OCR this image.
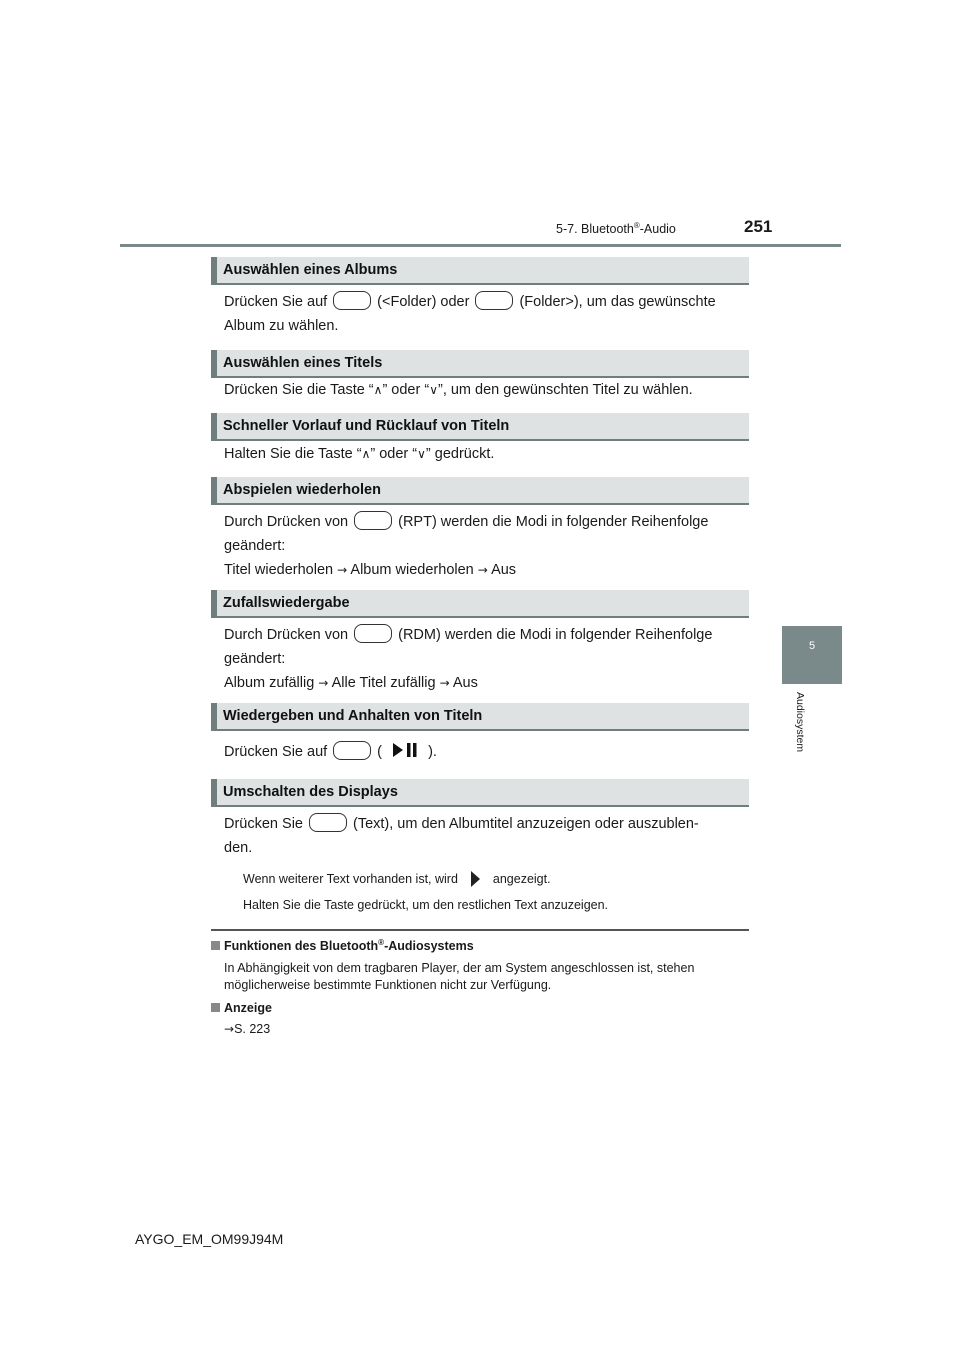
5-7. Bluetooth®-Audio	251
5
Audiosystem
Auswählen eines Albums
Drücken Sie auf	(<Folder) oder	(Folder>), um das gewünschte
Album zu wählen.
Auswählen eines Titels
Drücken Sie die Taste “∧” oder “∨”, um den gewünschten Titel zu wählen.
Schneller Vorlauf und Rücklauf von Titeln
Halten Sie die Taste “∧” oder “∨” gedrückt.
Abspielen wiederholen
Durch Drücken von	(RPT) werden die Modi in folgender Reihenfolge
geändert:
Titel wiederholen → Album wiederholen → Aus
Zufallswiedergabe
Durch Drücken von	(RDM) werden die Modi in folgender Reihenfolge
geändert:
Album zufällig → Alle Titel zufällig → Aus
Wiedergeben und Anhalten von Titeln
Drücken Sie auf	(	).
Umschalten des Displays
Drücken Sie	(Text), um den Albumtitel anzuzeigen oder auszublen-
den.
Wenn weiterer Text vorhanden ist, wird	angezeigt.
Halten Sie die Taste gedrückt, um den restlichen Text anzuzeigen.
Funktionen des Bluetooth®-Audiosystems
In Abhängigkeit von dem tragbaren Player, der am System angeschlossen ist, stehen möglicherweise bestimmte Funktionen nicht zur Verfügung.
Anzeige
→S. 223
AYGO_EM_OM99J94M
